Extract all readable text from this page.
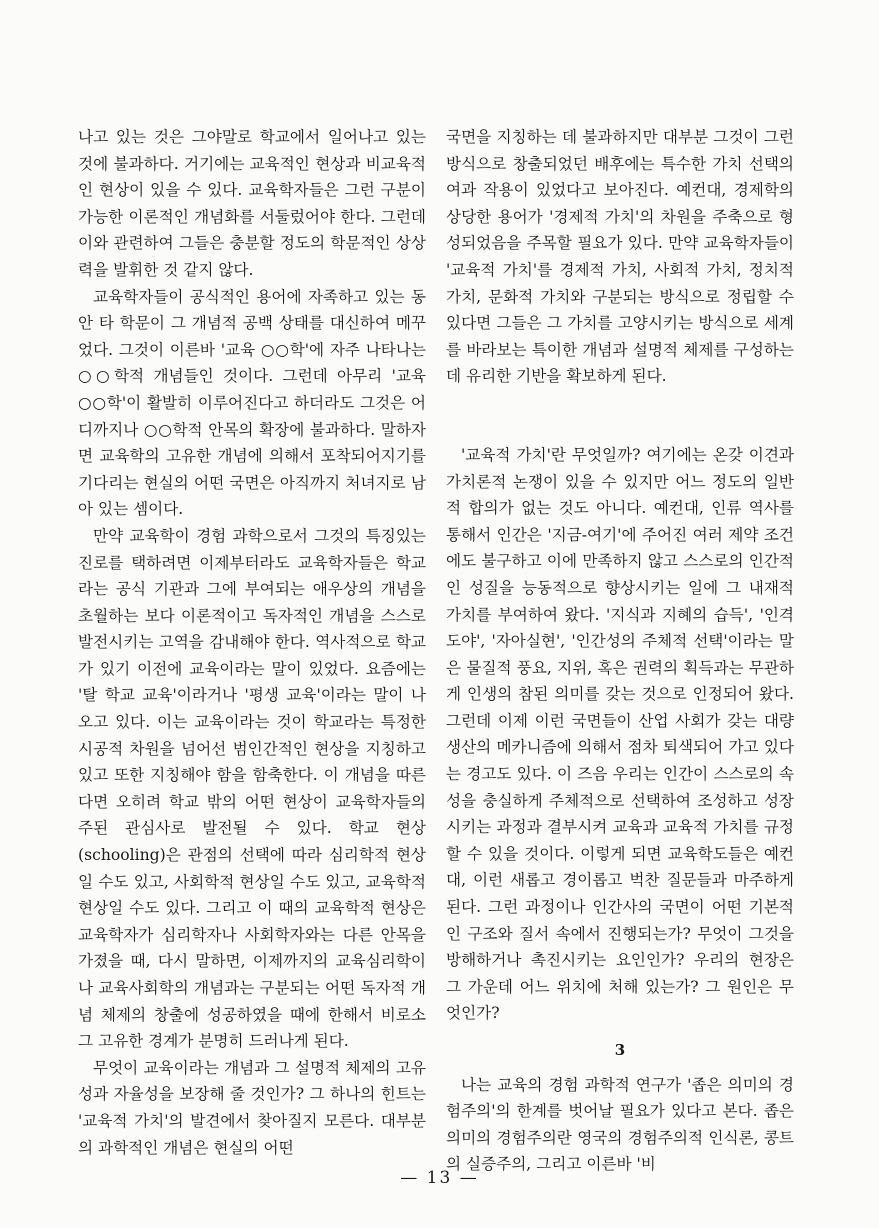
나고 있는 것은 그야말로 학교에서 일어나고 있는 것에 불과하다. 거기에는 교육적인 현상과 비교육적인 현상이 있을 수 있다. 교육학자들은 그런 구분이 가능한 이론적인 개념화를 서둘렀어야 한다. 그런데 이와 관련하여 그들은 충분할 정도의 학문적인 상상력을 발휘한 것 같지 않다.

교육학자들이 공식적인 용어에 자족하고 있는 동안 타 학문이 그 개념적 공백 상태를 대신하여 메꾸었다. 그것이 이른바 '교육 ○○학'에 자주 나타나는 ○○학적 개념들인 것이다. 그런데 아무리 '교육 ○○학'이 활발히 이루어진다고 하더라도 그것은 어디까지나 ○○학적 안목의 확장에 불과하다. 말하자면 교육학의 고유한 개념에 의해서 포착되어지기를 기다리는 현실의 어떤 국면은 아직까지 처녀지로 남아 있는 셈이다.

만약 교육학이 경험 과학으로서 그것의 특징있는 진로를 택하려면 이제부터라도 교육학자들은 학교라는 공식 기관과 그에 부여되는 애우상의 개념을 초월하는 보다 이론적이고 독자적인 개념을 스스로 발전시키는 고역을 감내해야 한다. 역사적으로 학교가 있기 이전에 교육이라는 말이 있었다. 요즘에는 '탈 학교 교육'이라거나 '평생 교육'이라는 말이 나오고 있다. 이는 교육이라는 것이 학교라는 특정한 시공적 차원을 넘어선 범인간적인 현상을 지칭하고 있고 또한 지칭해야 함을 함축한다. 이 개념을 따른다면 오히려 학교 밖의 어떤 현상이 교육학자들의 주된 관심사로 발전될 수 있다. 학교 현상(schooling)은 관점의 선택에 따라 심리학적 현상일 수도 있고, 사회학적 현상일 수도 있고, 교육학적 현상일 수도 있다. 그리고 이 때의 교육학적 현상은 교육학자가 심리학자나 사회학자와는 다른 안목을 가졌을 때, 다시 말하면, 이제까지의 교육심리학이나 교육사회학의 개념과는 구분되는 어떤 독자적 개념 체제의 창출에 성공하였을 때에 한해서 비로소 그 고유한 경계가 분명히 드러나게 된다.

무엇이 교육이라는 개념과 그 설명적 체제의 고유성과 자율성을 보장해 줄 것인가? 그 하나의 힌트는 '교육적 가치'의 발견에서 찾아질지 모른다. 대부분의 과학적인 개념은 현실의 어떤

국면을 지칭하는 데 불과하지만 대부분 그것이 그런 방식으로 창출되었던 배후에는 특수한 가치 선택의 여과 작용이 있었다고 보아진다. 예컨대, 경제학의 상당한 용어가 '경제적 가치'의 차원을 주축으로 형성되었음을 주목할 필요가 있다. 만약 교육학자들이 '교육적 가치'를 경제적 가치, 사회적 가치, 정치적 가치, 문화적 가치와 구분되는 방식으로 정립할 수 있다면 그들은 그 가치를 고양시키는 방식으로 세계를 바라보는 특이한 개념과 설명적 체제를 구성하는 데 유리한 기반을 확보하게 된다.

'교육적 가치'란 무엇일까? 여기에는 온갖 이견과 가치론적 논쟁이 있을 수 있지만 어느 정도의 일반적 합의가 없는 것도 아니다. 예컨대, 인류 역사를 통해서 인간은 '지금-여기'에 주어진 여러 제약 조건에도 불구하고 이에 만족하지 않고 스스로의 인간적인 성질을 능동적으로 향상시키는 일에 그 내재적 가치를 부여하여 왔다. '지식과 지혜의 습득', '인격도야', '자아실현', '인간성의 주체적 선택'이라는 말은 물질적 풍요, 지위, 혹은 권력의 획득과는 무관하게 인생의 참된 의미를 갖는 것으로 인정되어 왔다. 그런데 이제 이런 국면들이 산업 사회가 갖는 대량 생산의 메카니즘에 의해서 점차 퇴색되어 가고 있다는 경고도 있다. 이 즈음 우리는 인간이 스스로의 속성을 충실하게 주체적으로 선택하여 조성하고 성장시키는 과정과 결부시켜 교육과 교육적 가치를 규정할 수 있을 것이다. 이렇게 되면 교육학도들은 예컨대, 이런 새롭고 경이롭고 벅찬 질문들과 마주하게 된다. 그런 과정이나 인간사의 국면이 어떤 기본적인 구조와 질서 속에서 진행되는가? 무엇이 그것을 방해하거나 촉진시키는 요인인가? 우리의 현장은 그 가운데 어느 위치에 처해 있는가? 그 원인은 무엇인가?

3

나는 교육의 경험 과학적 연구가 '좁은 의미의 경험주의'의 한계를 벗어날 필요가 있다고 본다. 좁은 의미의 경험주의란 영국의 경험주의적 인식론, 콩트의 실증주의, 그리고 이른바 '비

— 13 —
